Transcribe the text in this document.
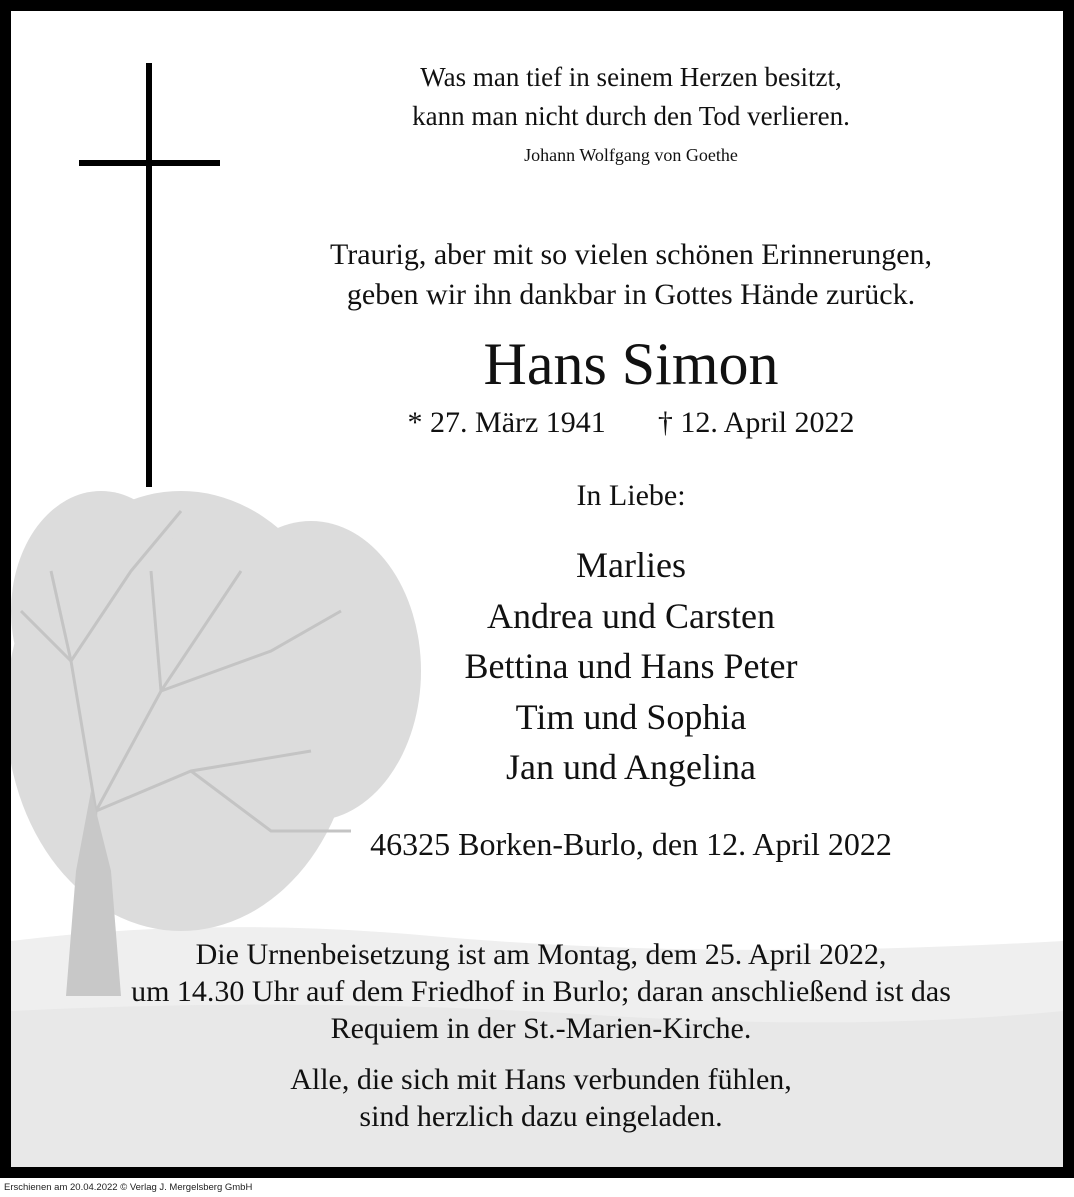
Was man tief in seinem Herzen besitzt,
kann man nicht durch den Tod verlieren.
Johann Wolfgang von Goethe
Traurig, aber mit so vielen schönen Erinnerungen,
geben wir ihn dankbar in Gottes Hände zurück.
Hans Simon
* 27. März 1941 † 12. April 2022
In Liebe:
Marlies
Andrea und Carsten
Bettina und Hans Peter
Tim und Sophia
Jan und Angelina
46325 Borken-Burlo, den 12. April 2022
Die Urnenbeisetzung ist am Montag, dem 25. April 2022,
um 14.30 Uhr auf dem Friedhof in Burlo; daran anschließend ist das
Requiem in der St.-Marien-Kirche.
Alle, die sich mit Hans verbunden fühlen,
sind herzlich dazu eingeladen.
Erschienen am 20.04.2022 © Verlag J. Mergelsberg GmbH
